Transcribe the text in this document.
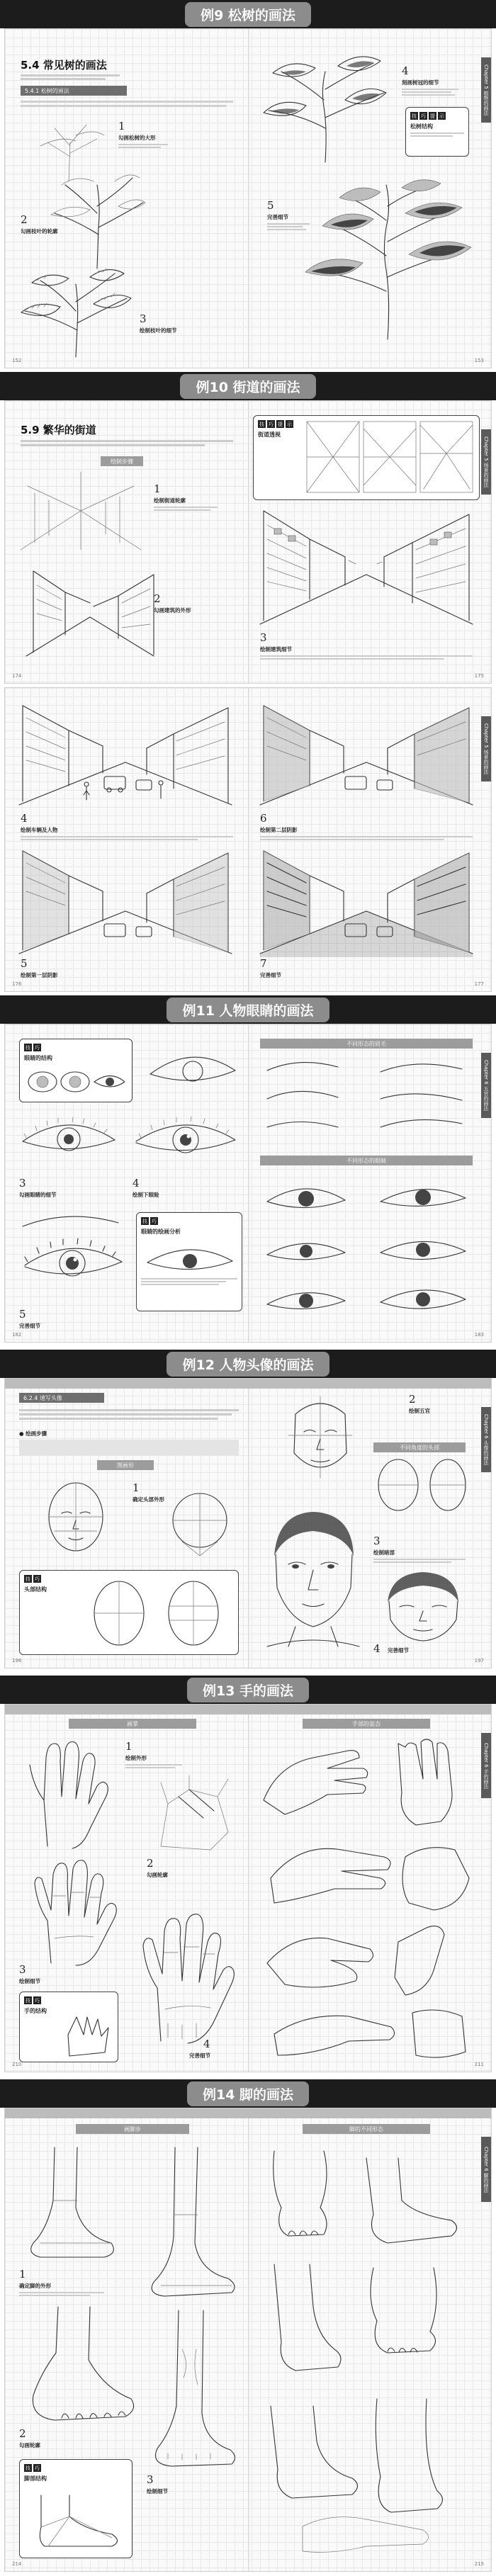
例9 松树的画法
5.4 常见树的画法
5.4.1 松树的画法
1
勾画松树的大形
2
勾画枝叶的轮廓
3
绘制枝叶的细节
152
4
刻画树冠的细节
技 巧 提 示
松树结构
5
完善细节
Chapter 5 植物的画法
153
例10 街道的画法
5.9 繁华的街道
绘制步骤
1
绘制街道轮廓
2
勾画建筑的外形
174
技 巧 提 示
街道透视
3
绘制建筑细节
Chapter 5 场景的画法
175
4
绘制车辆及人物
5
绘制第一层阴影
176
6
绘制第二层阴影
7
完善细节
Chapter 5 场景的画法
177
例11 人物眼睛的画法
技 巧
眼睛的结构
3
勾画眼睛的细节
4
绘制下眼睑
5
完善细节
技 巧
眼睛的绘画分析
182
不同形态的眉毛
不同形态的眼睛
Chapter 6 五官的画法
183
例12 人物头像的画法
6.2.4 速写头像
● 绘画步骤
图画形
1
确定头部外形
技 巧
头部结构
196
2
绘制五官
不同角度的头部
3
绘制暗部
4 完善细节
Chapter 6 头像的画法
197
例13 手的画法
画掌
1
绘制外形
2
勾画轮廓
3
绘制细节
技 巧
手的结构
4
完善细节
210
手部的姿态
Chapter 6 手的画法
211
例14 脚的画法
画脚步
1
确定脚的外形
2
勾画轮廓
3
绘制细节
技 巧
脚部结构
214
脚的不同形态
Chapter 6 脚的画法
215
